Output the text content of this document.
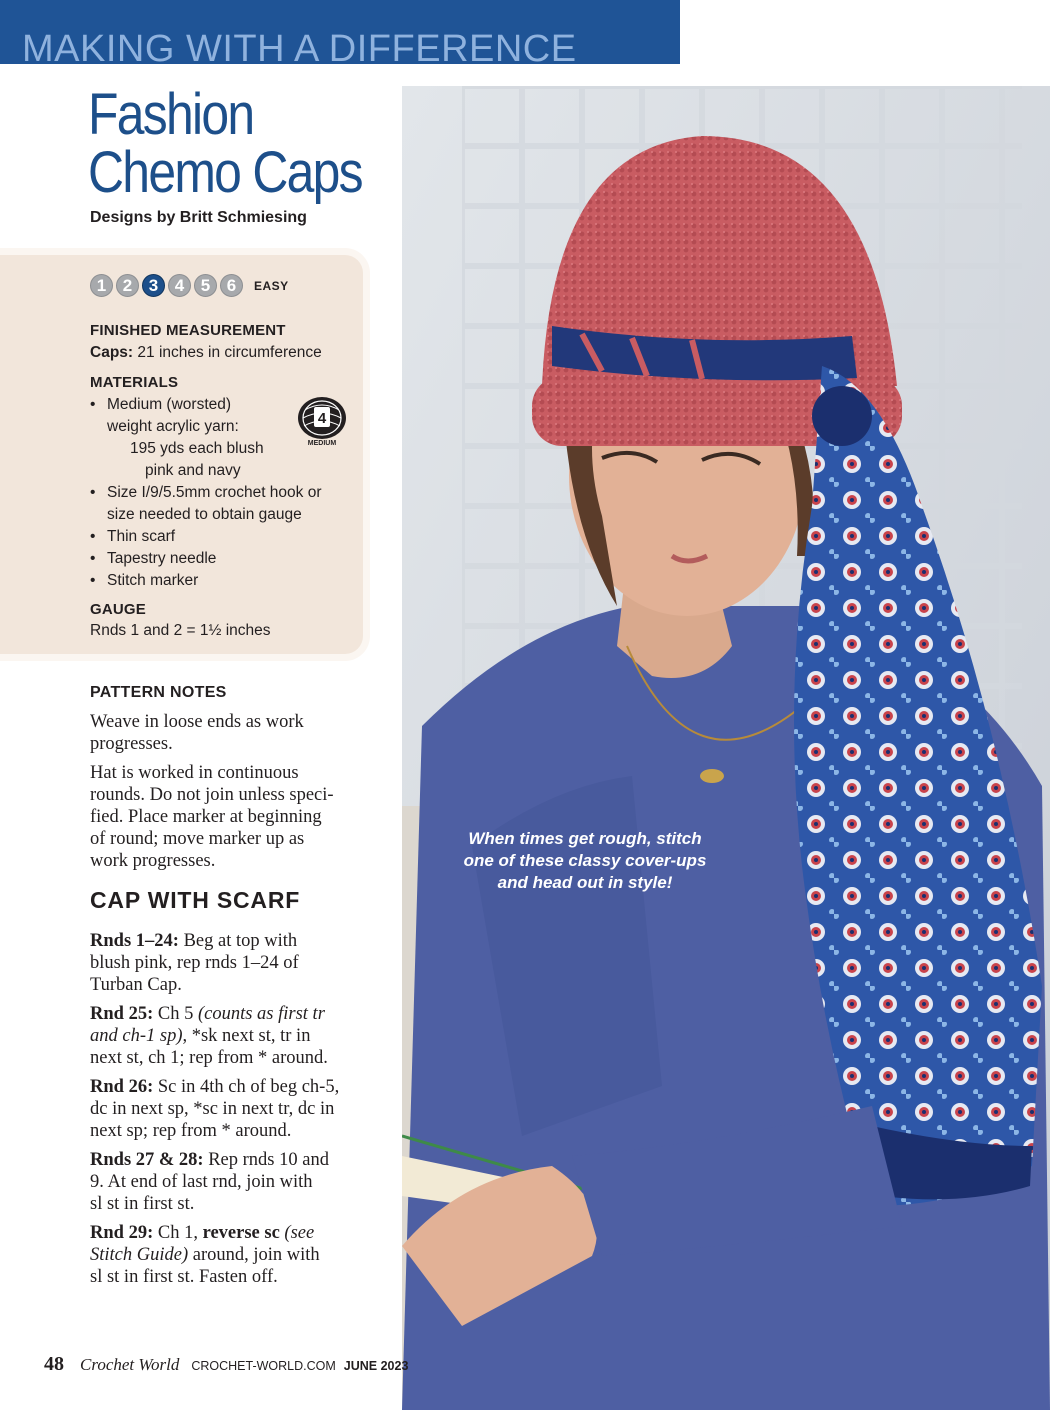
MAKING WITH A DIFFERENCE
Fashion
Chemo Caps
Designs by Britt Schmiesing
1 2 3 4 5 6	EASY
FINISHED MEASUREMENT
Caps: 21 inches in circumference
MATERIALS
• Medium (worsted)
weight acrylic yarn:
195 yds each blush
pink and navy
• Size I/9/5.5mm crochet hook or
size needed to obtain gauge
• Thin scarf
• Tapestry needle
• Stitch marker
4
MEDIUM
GAUGE
Rnds 1 and 2 = 1½ inches
PATTERN NOTES
Weave in loose ends as work
progresses.
Hat is worked in continuous
rounds. Do not join unless speci-
fied. Place marker at beginning
of round; move marker up as
work progresses.
CAP WITH SCARF
Rnds 1–24: Beg at top with
blush pink, rep rnds 1–24 of
Turban Cap.
Rnd 25: Ch 5 (counts as first tr
and ch-1 sp), *sk next st, tr in
next st, ch 1; rep from * around.
Rnd 26: Sc in 4th ch of beg ch-5,
dc in next sp, *sc in next tr, dc in
next sp; rep from * around.
Rnds 27 & 28: Rep rnds 10 and
9. At end of last rnd, join with
sl st in first st.
Rnd 29: Ch 1, reverse sc (see
Stitch Guide) around, join with
sl st in first st. Fasten off.
When times get rough, stitch
one of these classy cover-ups
and head out in style!
48 Crochet World CROCHET-WORLD.COM JUNE 2023
